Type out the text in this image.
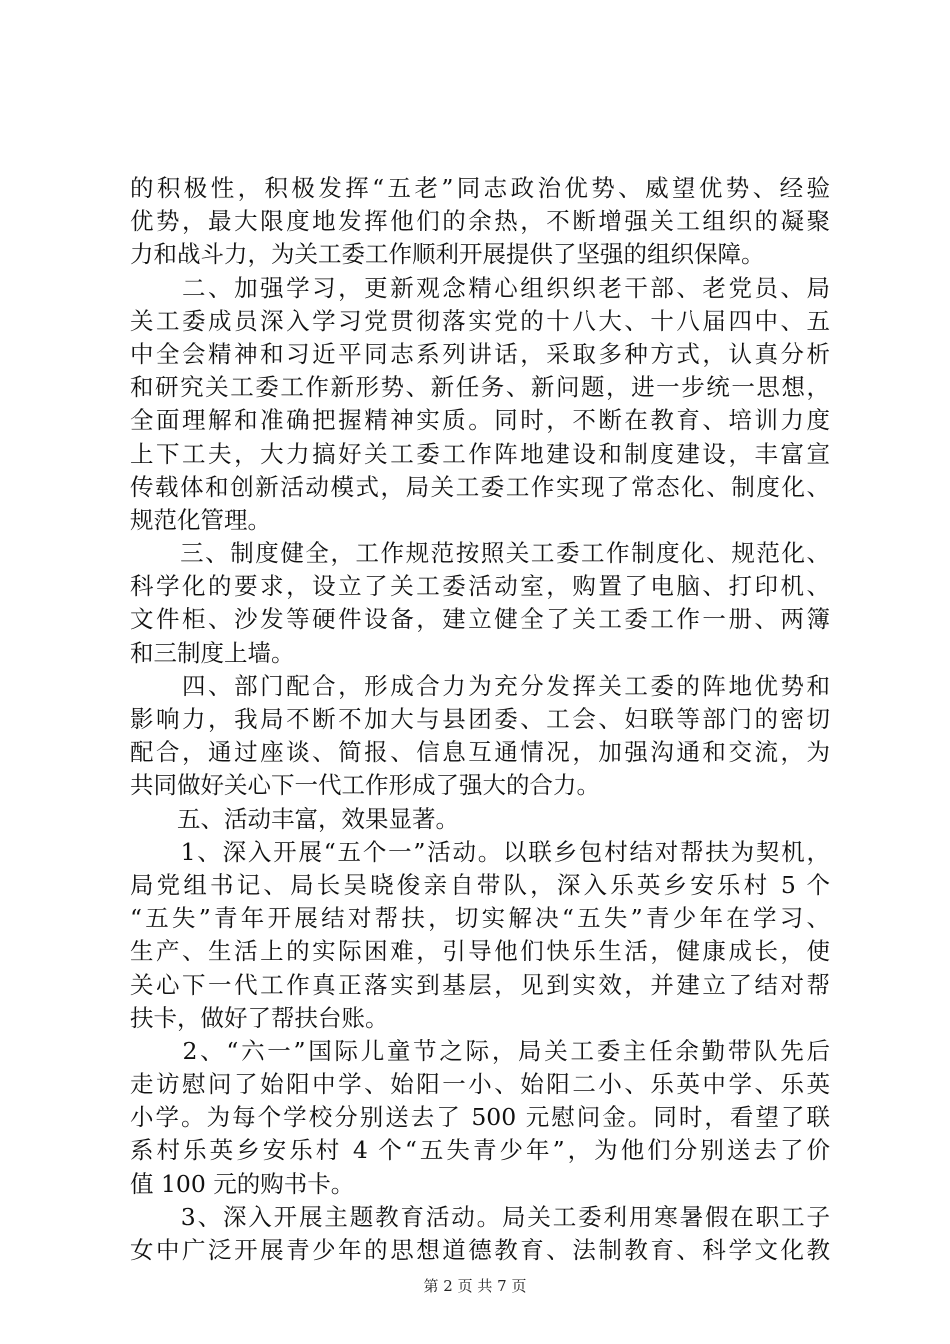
的积极性，积极发挥“五老”同志政治优势、威望优势、经验
优势，最大限度地发挥他们的余热，不断增强关工组织的凝聚
力和战斗力，为关工委工作顺利开展提供了坚强的组织保障。
　　二、加强学习，更新观念精心组织织老干部、老党员、局
关工委成员深入学习党贯彻落实党的十八大、十八届四中、五
中全会精神和习近平同志系列讲话，采取多种方式，认真分析
和研究关工委工作新形势、新任务、新问题，进一步统一思想，
全面理解和准确把握精神实质。同时，不断在教育、培训力度
上下工夫，大力搞好关工委工作阵地建设和制度建设，丰富宣
传载体和创新活动模式，局关工委工作实现了常态化、制度化、
规范化管理。
　　三、制度健全，工作规范按照关工委工作制度化、规范化、
科学化的要求，设立了关工委活动室，购置了电脑、打印机、
文件柜、沙发等硬件设备，建立健全了关工委工作一册、两簿
和三制度上墙。
　　四、部门配合，形成合力为充分发挥关工委的阵地优势和
影响力，我局不断不加大与县团委、工会、妇联等部门的密切
配合，通过座谈、简报、信息互通情况，加强沟通和交流，为
共同做好关心下一代工作形成了强大的合力。
　　五、活动丰富，效果显著。
　　1、深入开展“五个一”活动。以联乡包村结对帮扶为契机，
局党组书记、局长吴晓俊亲自带队，深入乐英乡安乐村 5 个
“五失”青年开展结对帮扶，切实解决“五失”青少年在学习、
生产、生活上的实际困难，引导他们快乐生活，健康成长，使
关心下一代工作真正落实到基层，见到实效，并建立了结对帮
扶卡，做好了帮扶台账。
　　2、“六一”国际儿童节之际，局关工委主任余勤带队先后
走访慰问了始阳中学、始阳一小、始阳二小、乐英中学、乐英
小学。为每个学校分别送去了 500 元慰问金。同时，看望了联
系村乐英乡安乐村 4 个“五失青少年”，为他们分别送去了价
值 100 元的购书卡。
　　3、深入开展主题教育活动。局关工委利用寒暑假在职工子
女中广泛开展青少年的思想道德教育、法制教育、科学文化教
第 2 页 共 7 页
